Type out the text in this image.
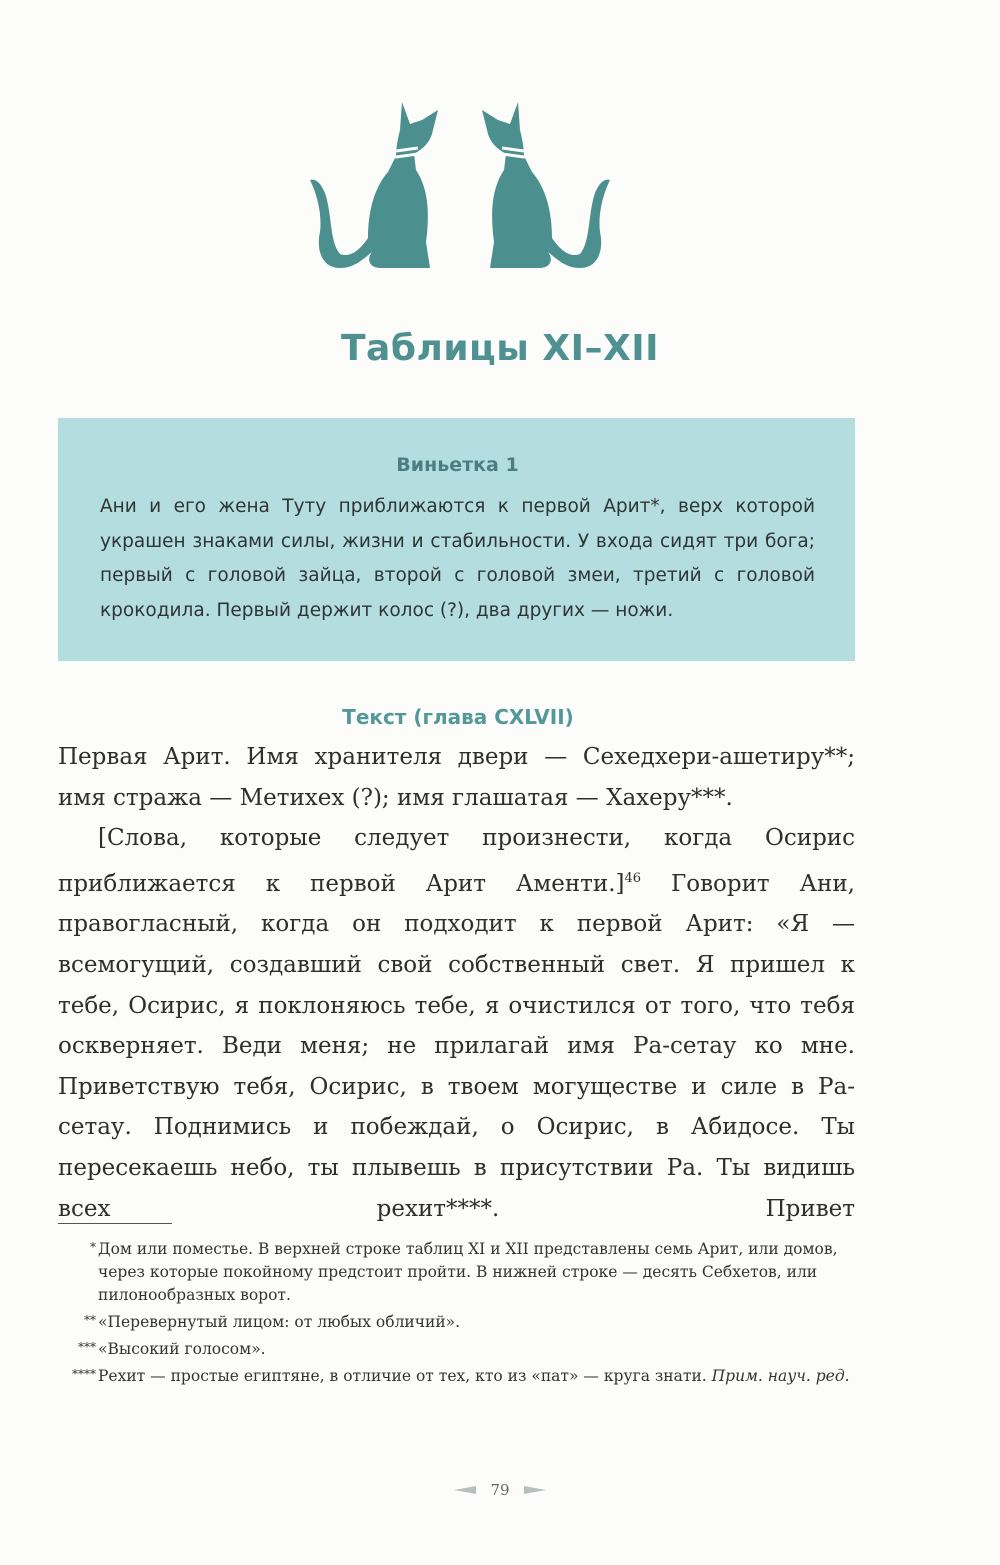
Таблицы XI–XII
Виньетка 1

Ани и его жена Туту приближаются к первой Арит*, верх которой украшен знаками силы, жизни и стабильности. У входа сидят три бога; первый с головой зайца, второй с головой змеи, третий с головой крокодила. Первый держит колос (?), два других — ножи.

Текст (глава CXLVII)

Первая Арит. Имя хранителя двери — Сехедхери-ашетиру**;

имя стража — Метихех (?); имя глашатая — Хахеру***.

[Слова, которые следует произнести, когда Осирис приближается к первой Арит Аменти.]$^{46}$ Говорит Ани, правогласный, когда он подходит к первой Арит: «Я — всемогущий, создавший свой собственный свет. Я пришел к тебе, Осирис, я поклоняюсь тебе, я очистился от того, что тебя оскверняет. Веди меня; не прилагай имя Ра-сетау ко мне. Приветствую тебя, Осирис, в твоем могуществе и силе в Ра-сетау. Поднимись и побеждай, о Осирис, в Абидосе. Ты пересекаешь небо, ты плывешь в присутствии Ра. Ты видишь всех рехит****. Привет

* Дом или поместье. В верхней строке таблиц XI и XII представлены семь Арит, или домов, через которые покойному предстоит пройти. В нижней строке — десять Себхетов, или пилонообразных ворот.

** «Перевернутый лицом: от любых обличий».

*** «Высокий голосом».

**** Рехит — простые египтяне, в отличие от тех, кто из «пат» — круга знати. Прим. науч. ред.

79
